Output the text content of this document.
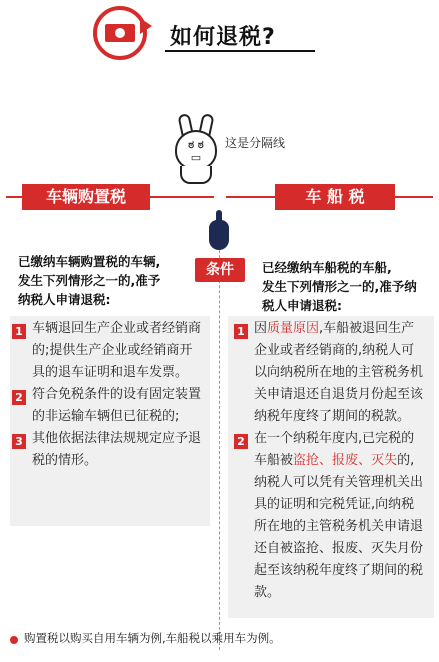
如何退税?
ಠ ಠ
▭
这是分隔线
车辆购置税	车 船 税
条件
已缴纳车辆购置税的车辆,
发生下列情形之一的,准予
纳税人申请退税:
已经缴纳车船税的车船,
发生下列情形之一的,准予纳
税人申请退税:
1 车辆退回生产企业或者经销商
的;提供生产企业或经销商开
具的退车证明和退车发票。
2 符合免税条件的设有固定装置
的非运输车辆但已征税的;
3 其他依据法律法规规定应予退
税的情形。
1 因质量原因,车船被退回生产
企业或者经销商的,纳税人可
以向纳税所在地的主管税务机
关申请退还自退货月份起至该
纳税年度终了期间的税款。
2 在一个纳税年度内,已完税的
车船被盗抢、报废、灭失的,
纳税人可以凭有关管理机关出
具的证明和完税凭证,向纳税
所在地的主管税务机关申请退
还自被盗抢、报废、灭失月份
起至该纳税年度终了期间的税
款。
购置税以购买自用车辆为例,车船税以乘用车为例。
